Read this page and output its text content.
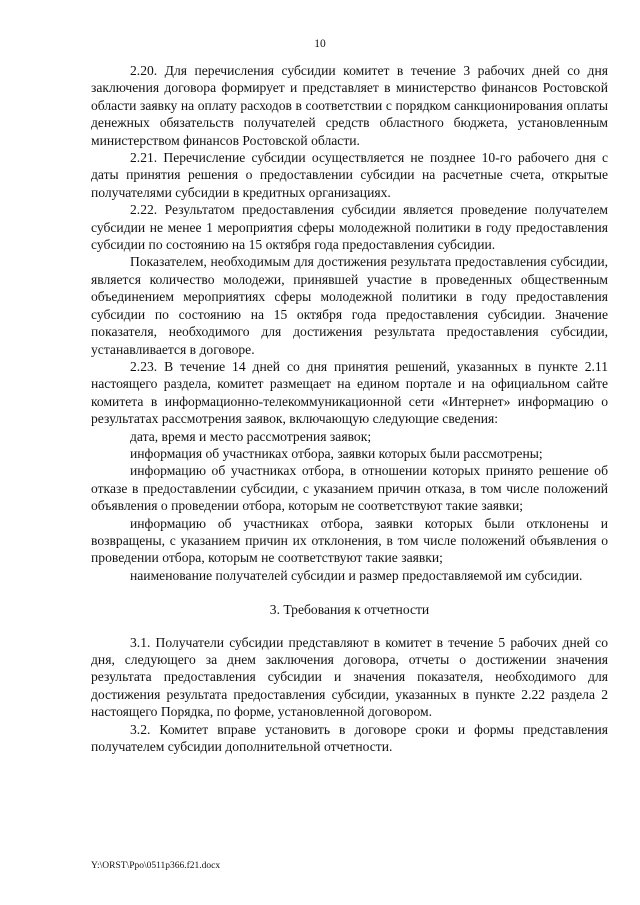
10

2.20. Для перечисления субсидии комитет в течение 3 рабочих дней со дня заключения договора формирует и представляет в министерство финансов Ростовской области заявку на оплату расходов в соответствии с порядком санкционирования оплаты денежных обязательств получателей средств областного бюджета, установленным министерством финансов Ростовской области.

2.21. Перечисление субсидии осуществляется не позднее 10-го рабочего дня с даты принятия решения о предоставлении субсидии на расчетные счета, открытые получателями субсидии в кредитных организациях.

2.22. Результатом предоставления субсидии является проведение получателем субсидии не менее 1 мероприятия сферы молодежной политики в году предоставления субсидии по состоянию на 15 октября года предоставления субсидии.

Показателем, необходимым для достижения результата предоставления субсидии, является количество молодежи, принявшей участие в проведенных общественным объединением мероприятиях сферы молодежной политики в году предоставления субсидии по состоянию на 15 октября года предоставления субсидии. Значение показателя, необходимого для достижения результата предоставления субсидии, устанавливается в договоре.

2.23. В течение 14 дней со дня принятия решений, указанных в пункте 2.11 настоящего раздела, комитет размещает на едином портале и на официальном сайте комитета в информационно-телекоммуникационной сети «Интернет» информацию о результатах рассмотрения заявок, включающую следующие сведения:

дата, время и место рассмотрения заявок;

информация об участниках отбора, заявки которых были рассмотрены;

информацию об участниках отбора, в отношении которых принято решение об отказе в предоставлении субсидии, с указанием причин отказа, в том числе положений объявления о проведении отбора, которым не соответствуют такие заявки;

информацию об участниках отбора, заявки которых были отклонены и возвращены, с указанием причин их отклонения, в том числе положений объявления о проведении отбора, которым не соответствуют такие заявки;

наименование получателей субсидии и размер предоставляемой им субсидии.

3. Требования к отчетности

3.1. Получатели субсидии представляют в комитет в течение 5 рабочих дней со дня, следующего за днем заключения договора, отчеты о достижении значения результата предоставления субсидии и значения показателя, необходимого для достижения результата предоставления субсидии, указанных в пункте 2.22 раздела 2 настоящего Порядка, по форме, установленной договором.

3.2. Комитет вправе установить в договоре сроки и формы представления получателем субсидии дополнительной отчетности.

Y:\ORST\Ppo\0511p366.f21.docx
